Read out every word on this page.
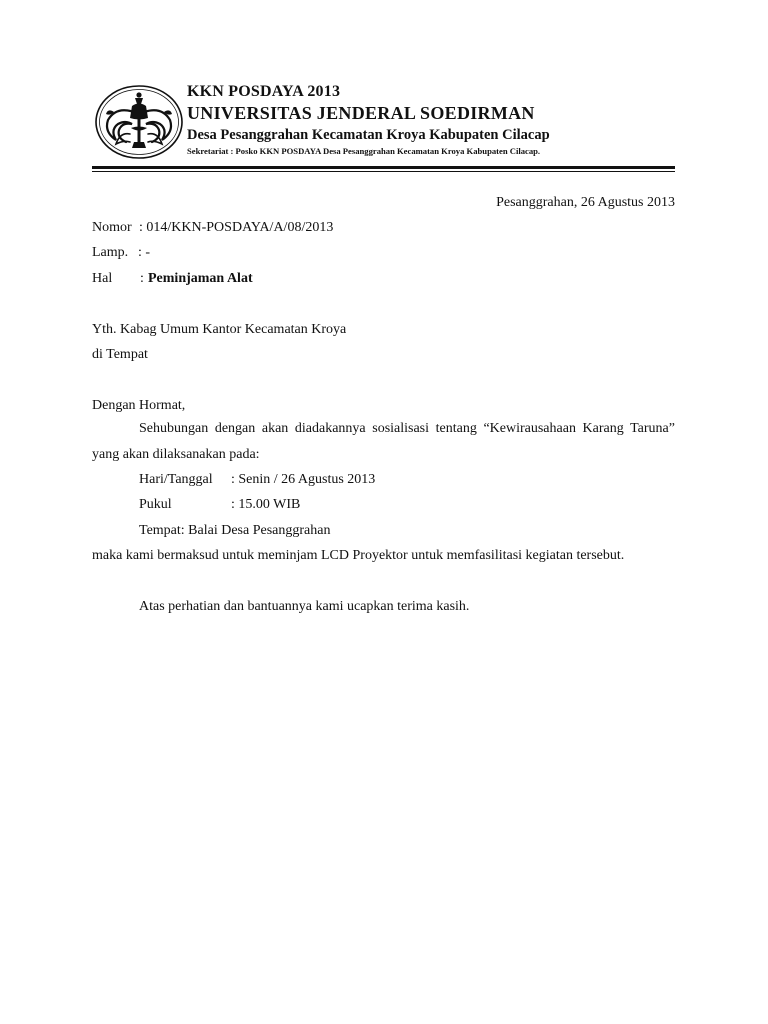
KKN POSDAYA 2013
UNIVERSITAS JENDERAL SOEDIRMAN
Desa Pesanggrahan Kecamatan Kroya Kabupaten Cilacap
Sekretariat : Posko KKN POSDAYA Desa Pesanggrahan Kecamatan Kroya Kabupaten Cilacap.
Pesanggrahan, 26 Agustus 2013
Nomor : 014/KKN-POSDAYA/A/08/2013
Lamp. : -
Hal : Peminjaman Alat
Yth. Kabag Umum Kantor Kecamatan Kroya
di Tempat
Dengan Hormat,
Sehubungan dengan akan diadakannya sosialisasi tentang “Kewirausahaan Karang Taruna” yang akan dilaksanakan pada:
Hari/Tanggal : Senin / 26 Agustus 2013
Pukul	: 15.00 WIB
Tempat: Balai Desa Pesanggrahan
maka kami bermaksud untuk meminjam LCD Proyektor untuk memfasilitasi kegiatan tersebut.
Atas perhatian dan bantuannya kami ucapkan terima kasih.
